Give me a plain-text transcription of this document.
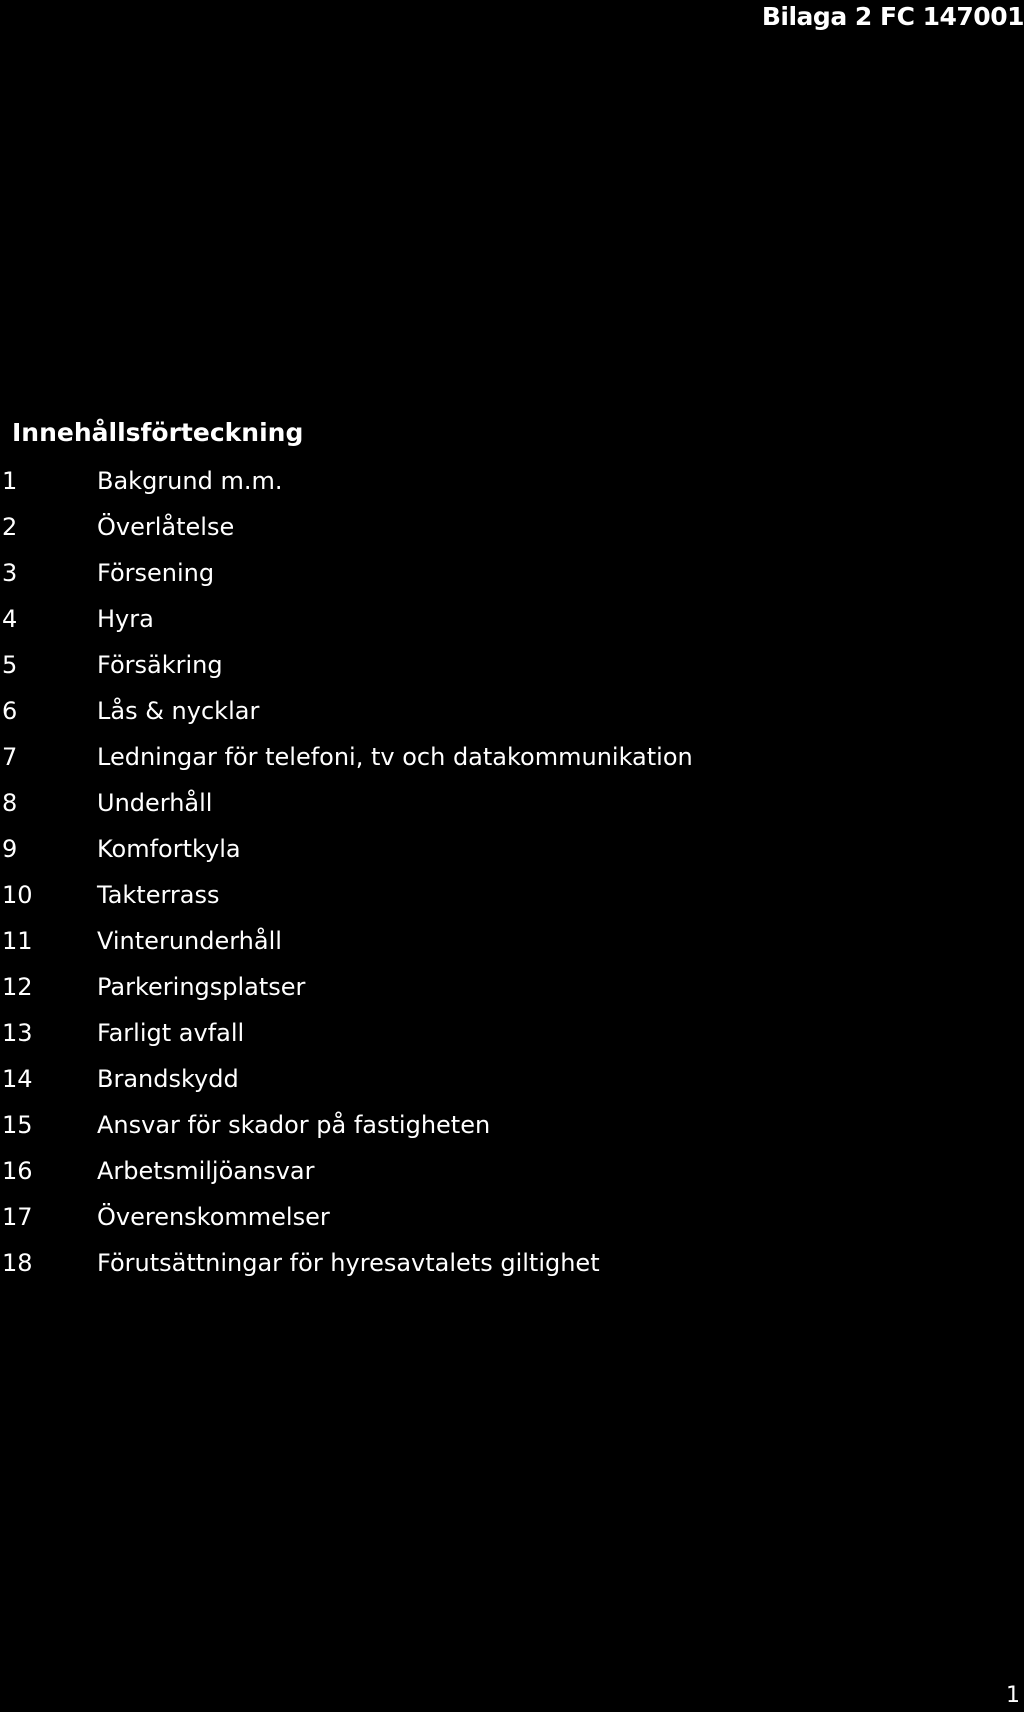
Bilaga 2 FC 147001
Innehållsförteckning
1	Bakgrund m.m.
2	Överlåtelse
3	Försening
4	Hyra
5	Försäkring
6	Lås & nycklar
7	Ledningar för telefoni, tv och datakommunikation
8	Underhåll
9	Komfortkyla
10	Takterrass
11	Vinterunderhåll
12	Parkeringsplatser
13	Farligt avfall
14	Brandskydd
15	Ansvar för skador på fastigheten
16	Arbetsmiljöansvar
17	Överenskommelser
18	Förutsättningar för hyresavtalets giltighet
1
